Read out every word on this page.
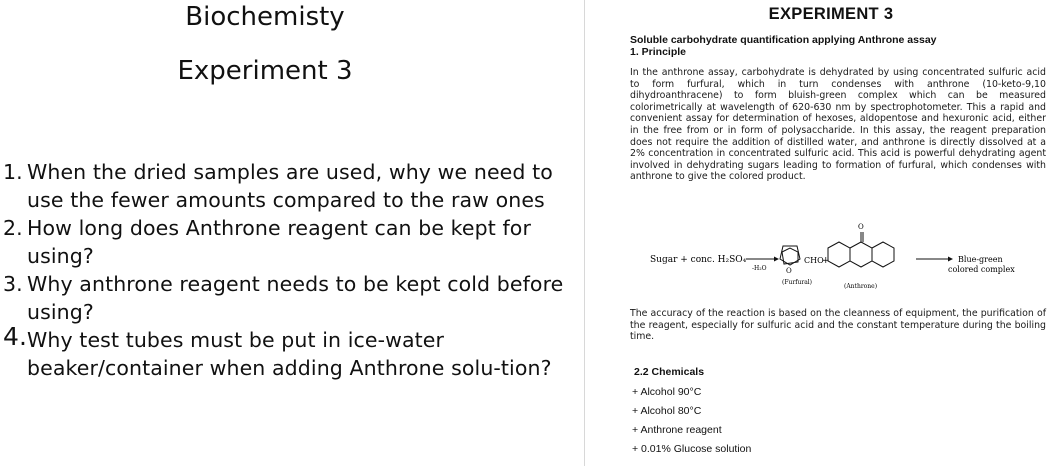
Biochemisty
Experiment 3
1. When the dried samples are used, why we need to use the fewer amounts compared to the raw ones
2. How long does Anthrone reagent can be kept for using?
3. Why anthrone reagent needs to be kept cold before using?
4. Why test tubes must be put in ice-water beaker/container when adding Anthrone solu-tion?
EXPERIMENT 3
Soluble carbohydrate quantification applying Anthrone assay
1. Principle
In the anthrone assay, carbohydrate is dehydrated by using concentrated sulfuric acid to form furfural, which in turn condenses with anthrone (10-keto-9,10 dihydroanthracene) to form bluish-green complex which can be measured colorimetrically at wavelength of 620-630 nm by spectrophotometer. This a rapid and convenient assay for determination of hexoses, aldopentose and hexuronic acid, either in the free from or in form of polysaccharide. In this assay, the reagent preparation does not require the addition of distilled water, and anthrone is directly dissolved at a 2% concentration in concentrated sulfuric acid. This acid is powerful dehydrating agent involved in dehydrating sugars leading to formation of furfural, which condenses with anthrone to give the colored product.
Sugar + conc. H₂SO₄
-H₂O	O
CHO
+
(Furfural)
O
(Anthrone)
Blue-green
colored complex
The accuracy of the reaction is based on the cleanness of equipment, the purification of the reagent, especially for sulfuric acid and the constant temperature during the boiling time.
2.2 Chemicals
+ Alcohol 90°C
+ Alcohol 80°C
+ Anthrone reagent
+ 0.01% Glucose solution
